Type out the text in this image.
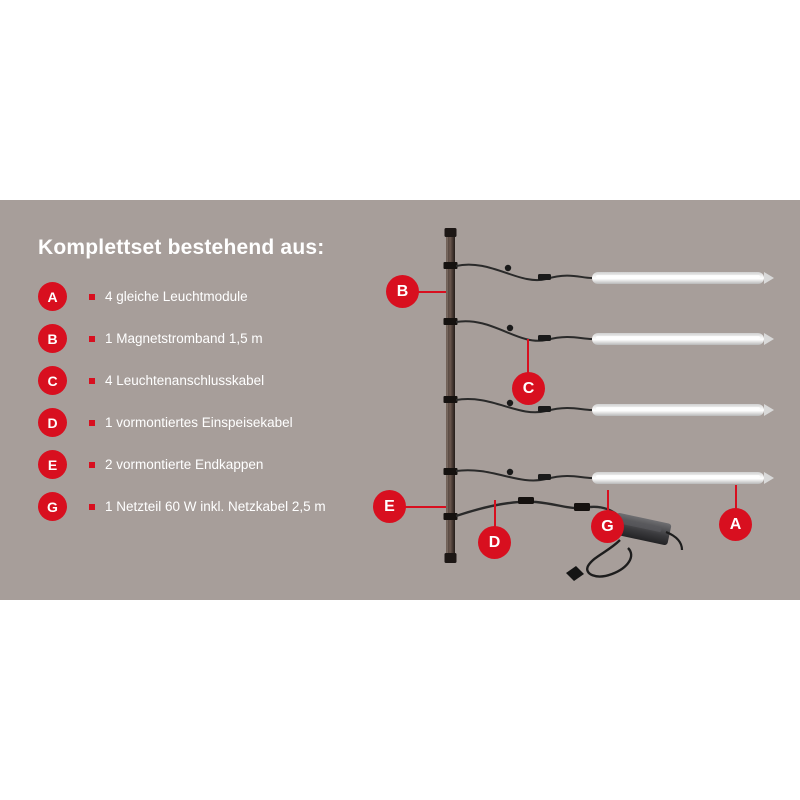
Komplettset bestehend aus:
A	4 gleiche Leuchtmodule
B	1 Magnetstromband 1,5 m
C	4 Leuchtenanschlusskabel
D	1 vormontiertes Einspeisekabel
E	2 vormontierte Endkappen
G	1 Netzteil 60 W inkl. Netzkabel 2,5 m
B
C
E
D
G	A
